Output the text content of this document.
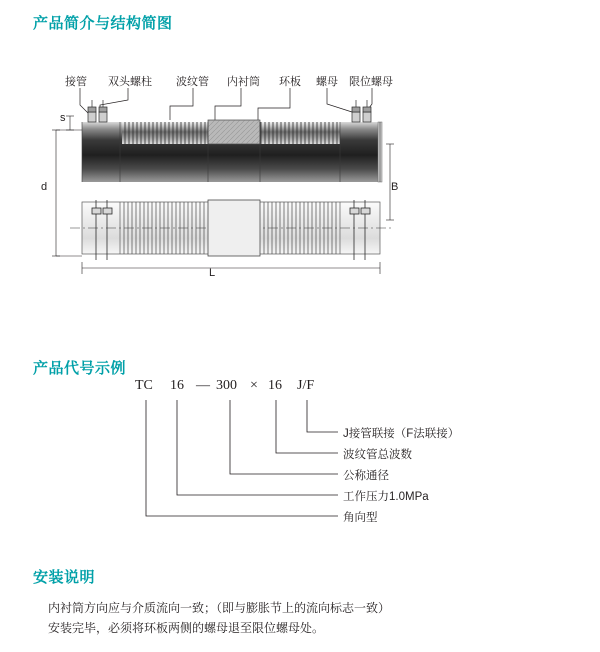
产品简介与结构简图
产品代号示例
安装说明
接管 双头螺柱 波纹管 内衬筒 环板 螺母 限位螺母
s
d	B
L
TC 16 — 300 × 16 J/F
J接管联接（F法联接）
波纹管总波数
公称通径
工作压力1.0MPa
角向型
内衬筒方向应与介质流向一致；（即与膨胀节上的流向标志一致）
安装完毕，必须将环板两侧的螺母退至限位螺母处。
